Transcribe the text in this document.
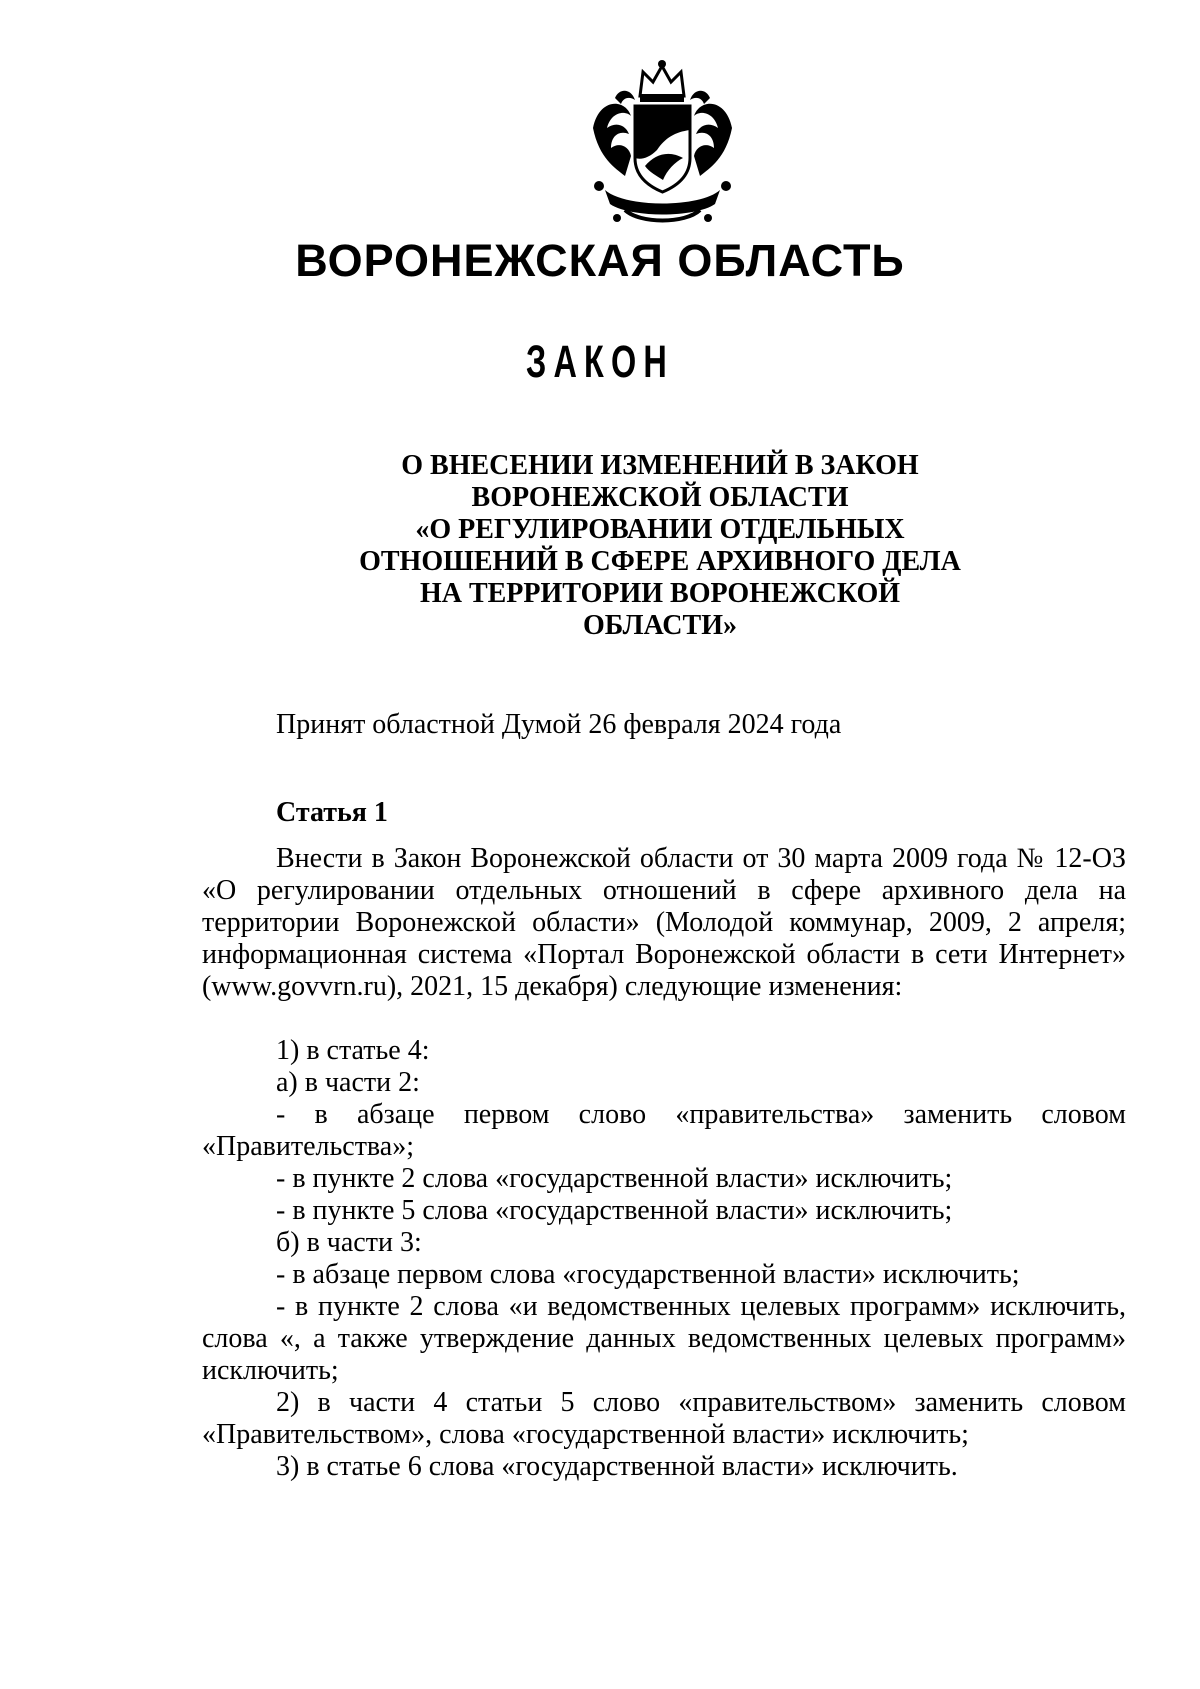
ВОРОНЕЖСКАЯ ОБЛАСТЬ
ЗАКОН
О ВНЕСЕНИИ ИЗМЕНЕНИЙ В ЗАКОН
ВОРОНЕЖСКОЙ ОБЛАСТИ
«О РЕГУЛИРОВАНИИ ОТДЕЛЬНЫХ
ОТНОШЕНИЙ В СФЕРЕ АРХИВНОГО ДЕЛА
НА ТЕРРИТОРИИ ВОРОНЕЖСКОЙ
ОБЛАСТИ»
Принят областной Думой 26 февраля 2024 года
Статья 1

Внести в Закон Воронежской области от 30 марта 2009 года № 12-ОЗ «О регулировании отдельных отношений в сфере архивного дела на территории Воронежской области» (Молодой коммунар, 2009, 2 апреля; информационная система «Портал Воронежской области в сети Интернет» (www.govvrn.ru), 2021, 15 декабря) следующие изменения:

1) в статье 4:

а) в части 2:

- в абзаце первом слово «правительства» заменить словом «Правительства»;

- в пункте 2 слова «государственной власти» исключить;

- в пункте 5 слова «государственной власти» исключить;

б) в части 3:

- в абзаце первом слова «государственной власти» исключить;

- в пункте 2 слова «и ведомственных целевых программ» исключить, слова «, а также утверждение данных ведомственных целевых программ» исключить;

2) в части 4 статьи 5 слово «правительством» заменить словом «Правительством», слова «государственной власти» исключить;

3) в статье 6 слова «государственной власти» исключить.
